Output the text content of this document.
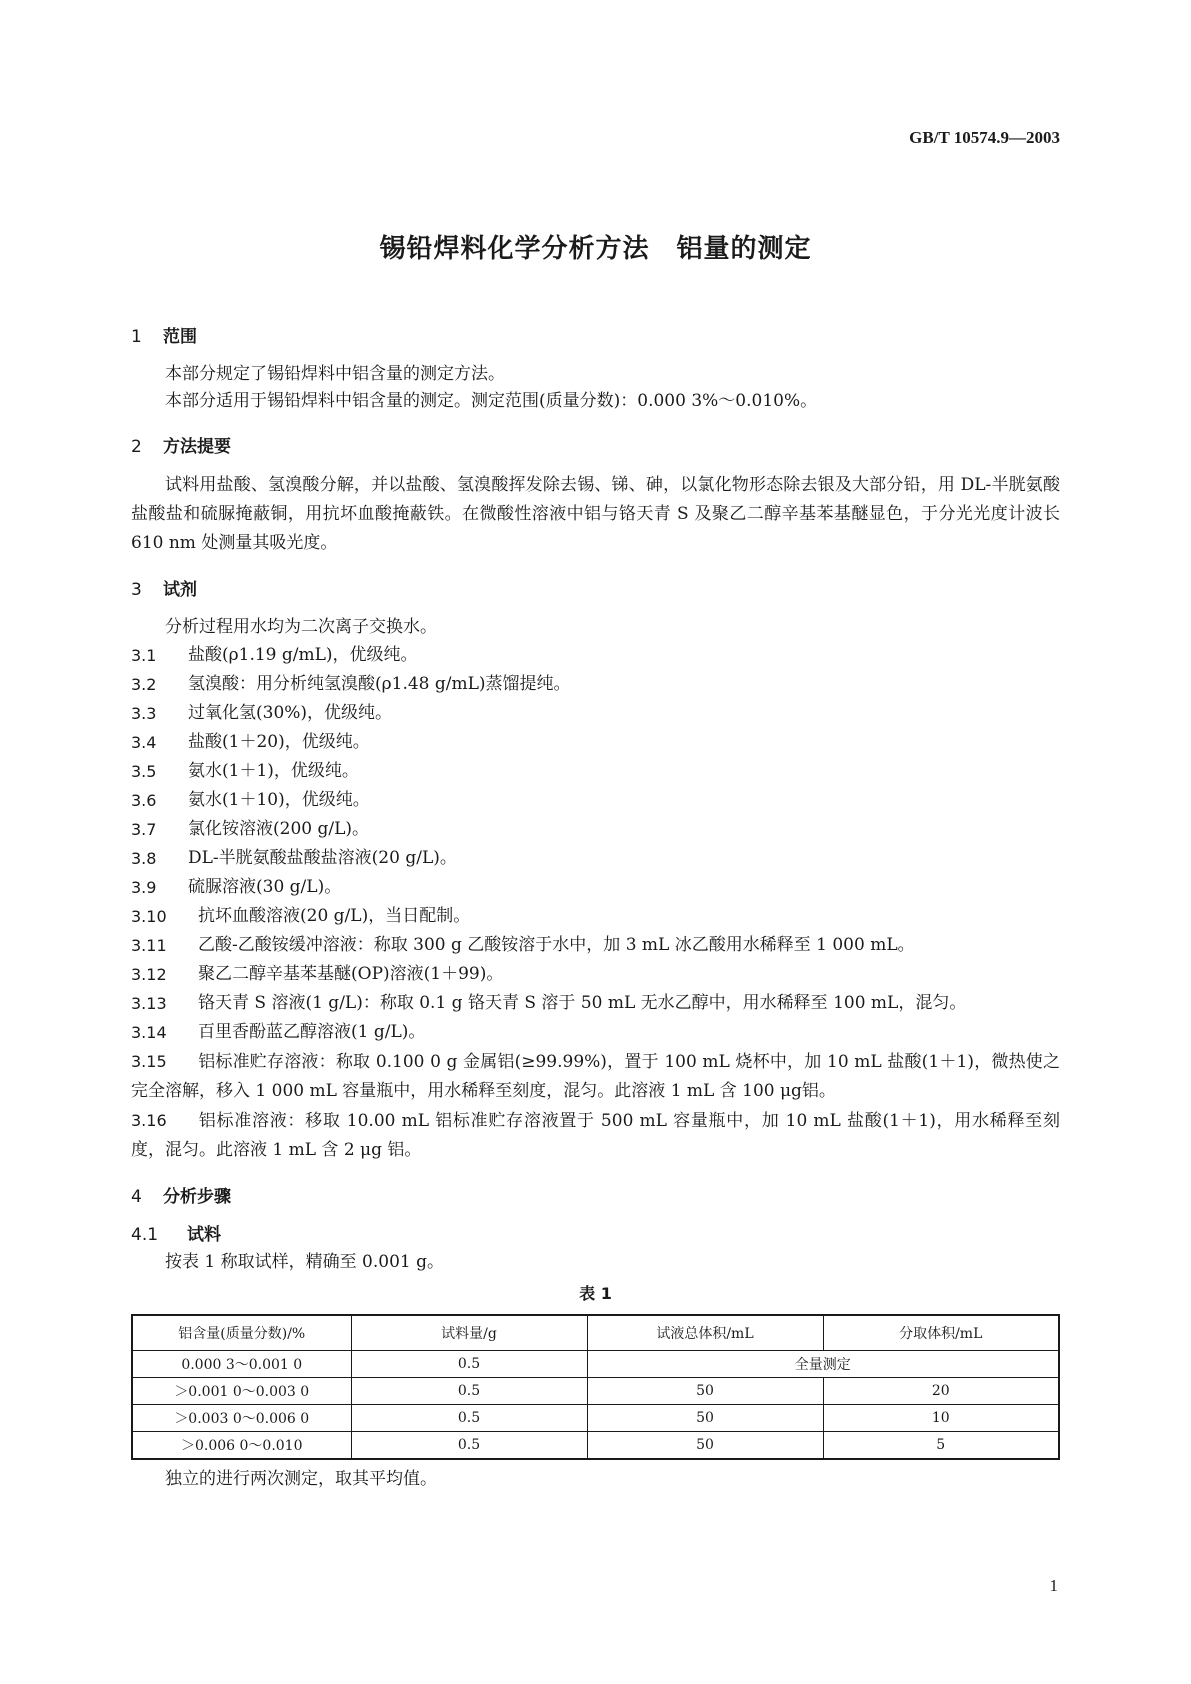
GB/T 10574.9—2003
锡铅焊料化学分析方法　铝量的测定
1	范围
本部分规定了锡铅焊料中铝含量的测定方法。
本部分适用于锡铅焊料中铝含量的测定。测定范围(质量分数)：0.000 3%～0.010%。
2	方法提要
试料用盐酸、氢溴酸分解，并以盐酸、氢溴酸挥发除去锡、锑、砷，以氯化物形态除去银及大部分铅，用 DL-半胱氨酸盐酸盐和硫脲掩蔽铜，用抗坏血酸掩蔽铁。在微酸性溶液中铝与铬天青 S 及聚乙二醇辛基苯基醚显色，于分光光度计波长 610 nm 处测量其吸光度。
3	试剂
分析过程用水均为二次离子交换水。
3.1	盐酸(ρ1.19 g/mL)，优级纯。
3.2	氢溴酸：用分析纯氢溴酸(ρ1.48 g/mL)蒸馏提纯。
3.3	过氧化氢(30%)，优级纯。
3.4	盐酸(1＋20)，优级纯。
3.5	氨水(1＋1)，优级纯。
3.6	氨水(1＋10)，优级纯。
3.7	氯化铵溶液(200 g/L)。
3.8	DL-半胱氨酸盐酸盐溶液(20 g/L)。
3.9	硫脲溶液(30 g/L)。
3.10	抗坏血酸溶液(20 g/L)，当日配制。
3.11	乙酸-乙酸铵缓冲溶液：称取 300 g 乙酸铵溶于水中，加 3 mL 冰乙酸用水稀释至 1 000 mL。
3.12	聚乙二醇辛基苯基醚(OP)溶液(1＋99)。
3.13	铬天青 S 溶液(1 g/L)：称取 0.1 g 铬天青 S 溶于 50 mL 无水乙醇中，用水稀释至 100 mL，混匀。
3.14	百里香酚蓝乙醇溶液(1 g/L)。
3.15 铝标准贮存溶液：称取 0.100 0 g 金属铝(≥99.99%)，置于 100 mL 烧杯中，加 10 mL 盐酸(1＋1)，微热使之完全溶解，移入 1 000 mL 容量瓶中，用水稀释至刻度，混匀。此溶液 1 mL 含 100 μg铝。
3.16 铝标准溶液：移取 10.00 mL 铝标准贮存溶液置于 500 mL 容量瓶中，加 10 mL 盐酸(1＋1)，用水稀释至刻度，混匀。此溶液 1 mL 含 2 μg 铝。
4	分析步骤
4.1	试料
按表 1 称取试样，精确至 0.001 g。
表 1
铝含量(质量分数)/%	试料量/g	试液总体积/mL	分取体积/mL
0.000 3～0.001 0	0.5	全量测定	
＞0.001 0～0.003 0	0.5	50	20
＞0.003 0～0.006 0	0.5	50	10
＞0.006 0～0.010	0.5	50	5
独立的进行两次测定，取其平均值。
1
